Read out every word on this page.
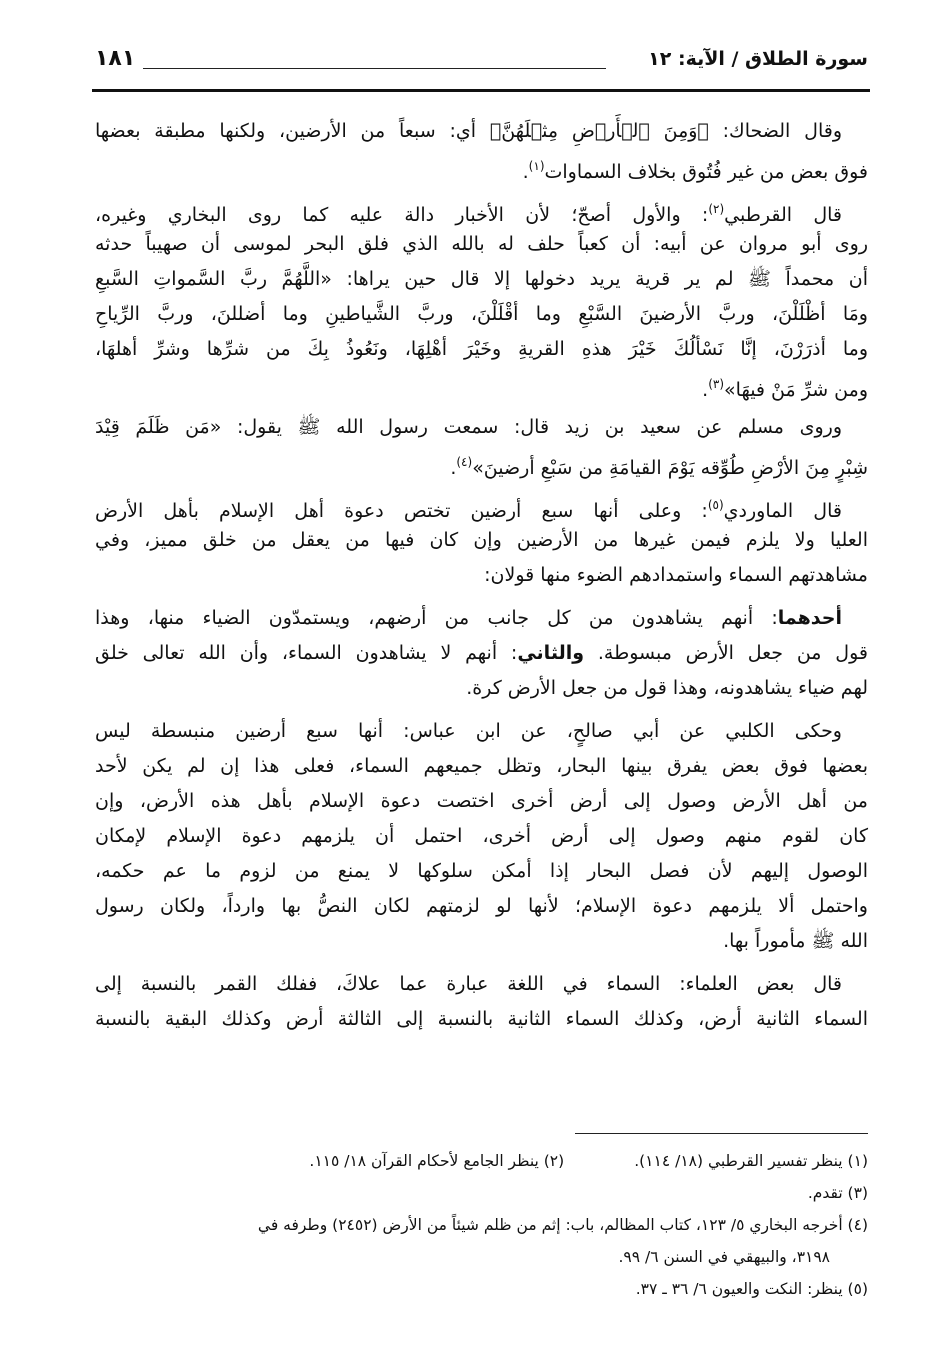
سورة الطلاق / الآية: ١٢
١٨١
وقال الضحاك: ﴿وَمِنَ ٱلۡأَرۡضِ مِثۡلَهُنَّ﴾ أي: سبعاً من الأرضين، ولكنها مطبقة بعضها
فوق بعض من غير فُتُوق بخلاف السماوات$^{(١)}$.
قال القرطبي$^{(٢)}$: والأول أصحّ؛ لأن الأخبار دالة عليه كما روى البخاري وغيره،
روى أبو مروان عن أبيه: أن كعباً حلف له بالله الذي فلق البحر لموسى أن صهيباً حدثه
أن محمداً ﷺ لم ير قرية يريد دخولها إلا قال حين يراها: «اللَّهُمَّ ربَّ السَّمواتِ السَّبعِ
ومَا أظْلَلْنَ، وربَّ الأرضينَ السَّبْعِ وما أقْلَلْنَ، وربَّ الشَّياطينِ وما أضللنَ، وربَّ الرِّياحِ
وما أذرَرْنَ، إنَّا نَسْألُكَ خَيْرَ هذهِ القريةِ وخَيْرَ أهْلِهَا، ونَعُوذُ بِكَ من شرِّها وشرِّ أهلهَا،
ومن شرِّ مَنْ فيهَا»$^{(٣)}$.
وروى مسلم عن سعيد بن زيد قال: سمعت رسول الله ﷺ يقول: «مَن ظَلَمَ قِيْدَ
شِبْرٍ مِنَ الأرْضِ طُوِّقه يَوْمَ القيامَةِ من سَبْعِ أرضينَ»$^{(٤)}$.
قال الماوردي$^{(٥)}$: وعلى أنها سبع أرضين تختص دعوة أهل الإسلام بأهل الأرض
العليا ولا يلزم فيمن غيرها من الأرضين وإن كان فيها من يعقل من خلق مميز، وفي
مشاهدتهم السماء واستمدادهم الضوء منها قولان:
أحدهما: أنهم يشاهدون من كل جانب من أرضهم، ويستمدّون الضياء منها، وهذا
قول من جعل الأرض مبسوطة. والثاني: أنهم لا يشاهدون السماء، وأن الله تعالى خلق
لهم ضياء يشاهدونه، وهذا قول من جعل الأرض كرة.
وحكى الكلبي عن أبي صالحٍ، عن ابن عباس: أنها سبع أرضين منبسطة ليس
بعضها فوق بعض يفرق بينها البحار، وتظل جميعهم السماء، فعلى هذا إن لم يكن لأحد
من أهل الأرض وصول إلى أرض أخرى اختصت دعوة الإسلام بأهل هذه الأرض، وإن
كان لقوم منهم وصول إلى أرض أخرى، احتمل أن يلزمهم دعوة الإسلام لإمكان
الوصول إليهم لأن فصل البحار إذا أمكن سلوكها لا يمنع من لزوم ما عم حكمه،
واحتمل ألا يلزمهم دعوة الإسلام؛ لأنها لو لزمتهم لكان النصُّ بها وارداً، ولكان رسول
الله ﷺ مأموراً بها.
قال بعض العلماء: السماء في اللغة عبارة عما علاكَ، ففلك القمر بالنسبة إلى
السماء الثانية أرض، وكذلك السماء الثانية بالنسبة إلى الثالثة أرض وكذلك البقية بالنسبة
(١) ينظر تفسير القرطبي (١٨/ ١١٤).
(٢) ينظر الجامع لأحكام القرآن ١٨/ ١١٥.
(٣) تقدم.
(٤) أخرجه البخاري ٥/ ١٢٣، كتاب المظالم، باب: إثم من ظلم شيئاً من الأرض (٢٤٥٢) وطرفه في
٣١٩٨، والبيهقي في السنن ٦/ ٩٩.
(٥) ينظر: النكت والعيون ٦/ ٣٦ ـ ٣٧.
